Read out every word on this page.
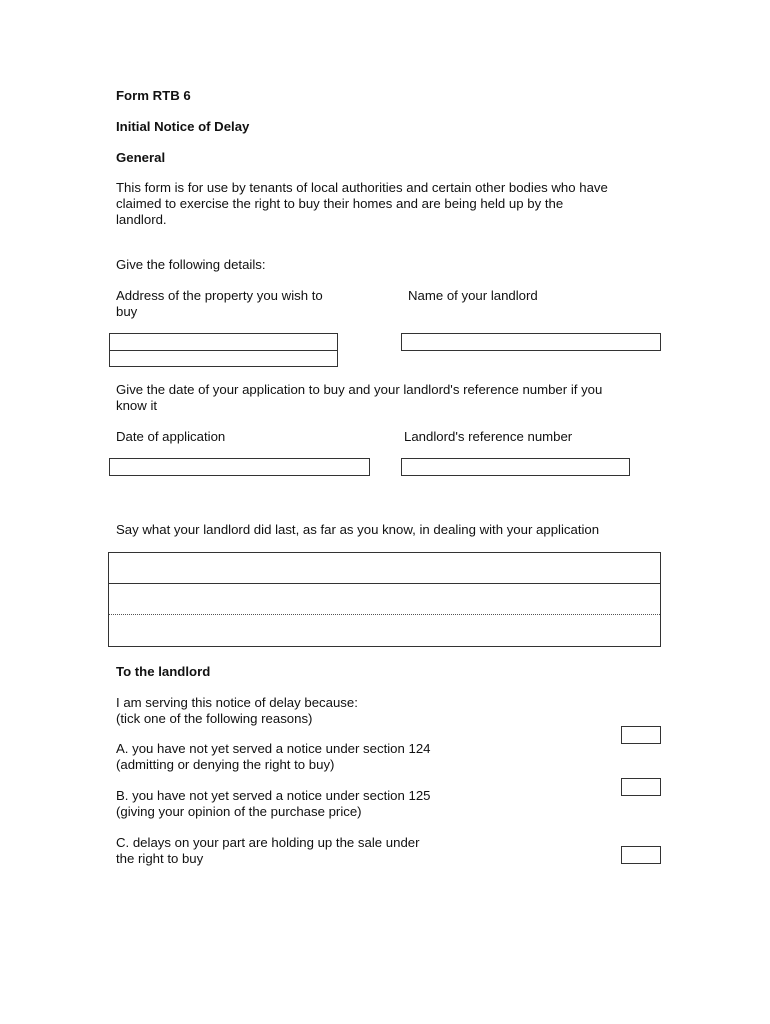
Form RTB 6
Initial Notice of Delay
General
This form is for use by tenants of local authorities and certain other bodies who have
claimed to exercise the right to buy their homes and are being held up by the
landlord.
Give the following details:
Address of the property you wish to
buy
Name of your landlord
Give the date of your application to buy and your landlord's reference number if you
know it
Date of application	Landlord's reference number
Say what your landlord did last, as far as you know, in dealing with your application
To the landlord
I am serving this notice of delay because:
(tick one of the following reasons)
A. you have not yet served a notice under section 124
(admitting or denying the right to buy)
B. you have not yet served a notice under section 125
(giving your opinion of the purchase price)
C. delays on your part are holding up the sale under
the right to buy
